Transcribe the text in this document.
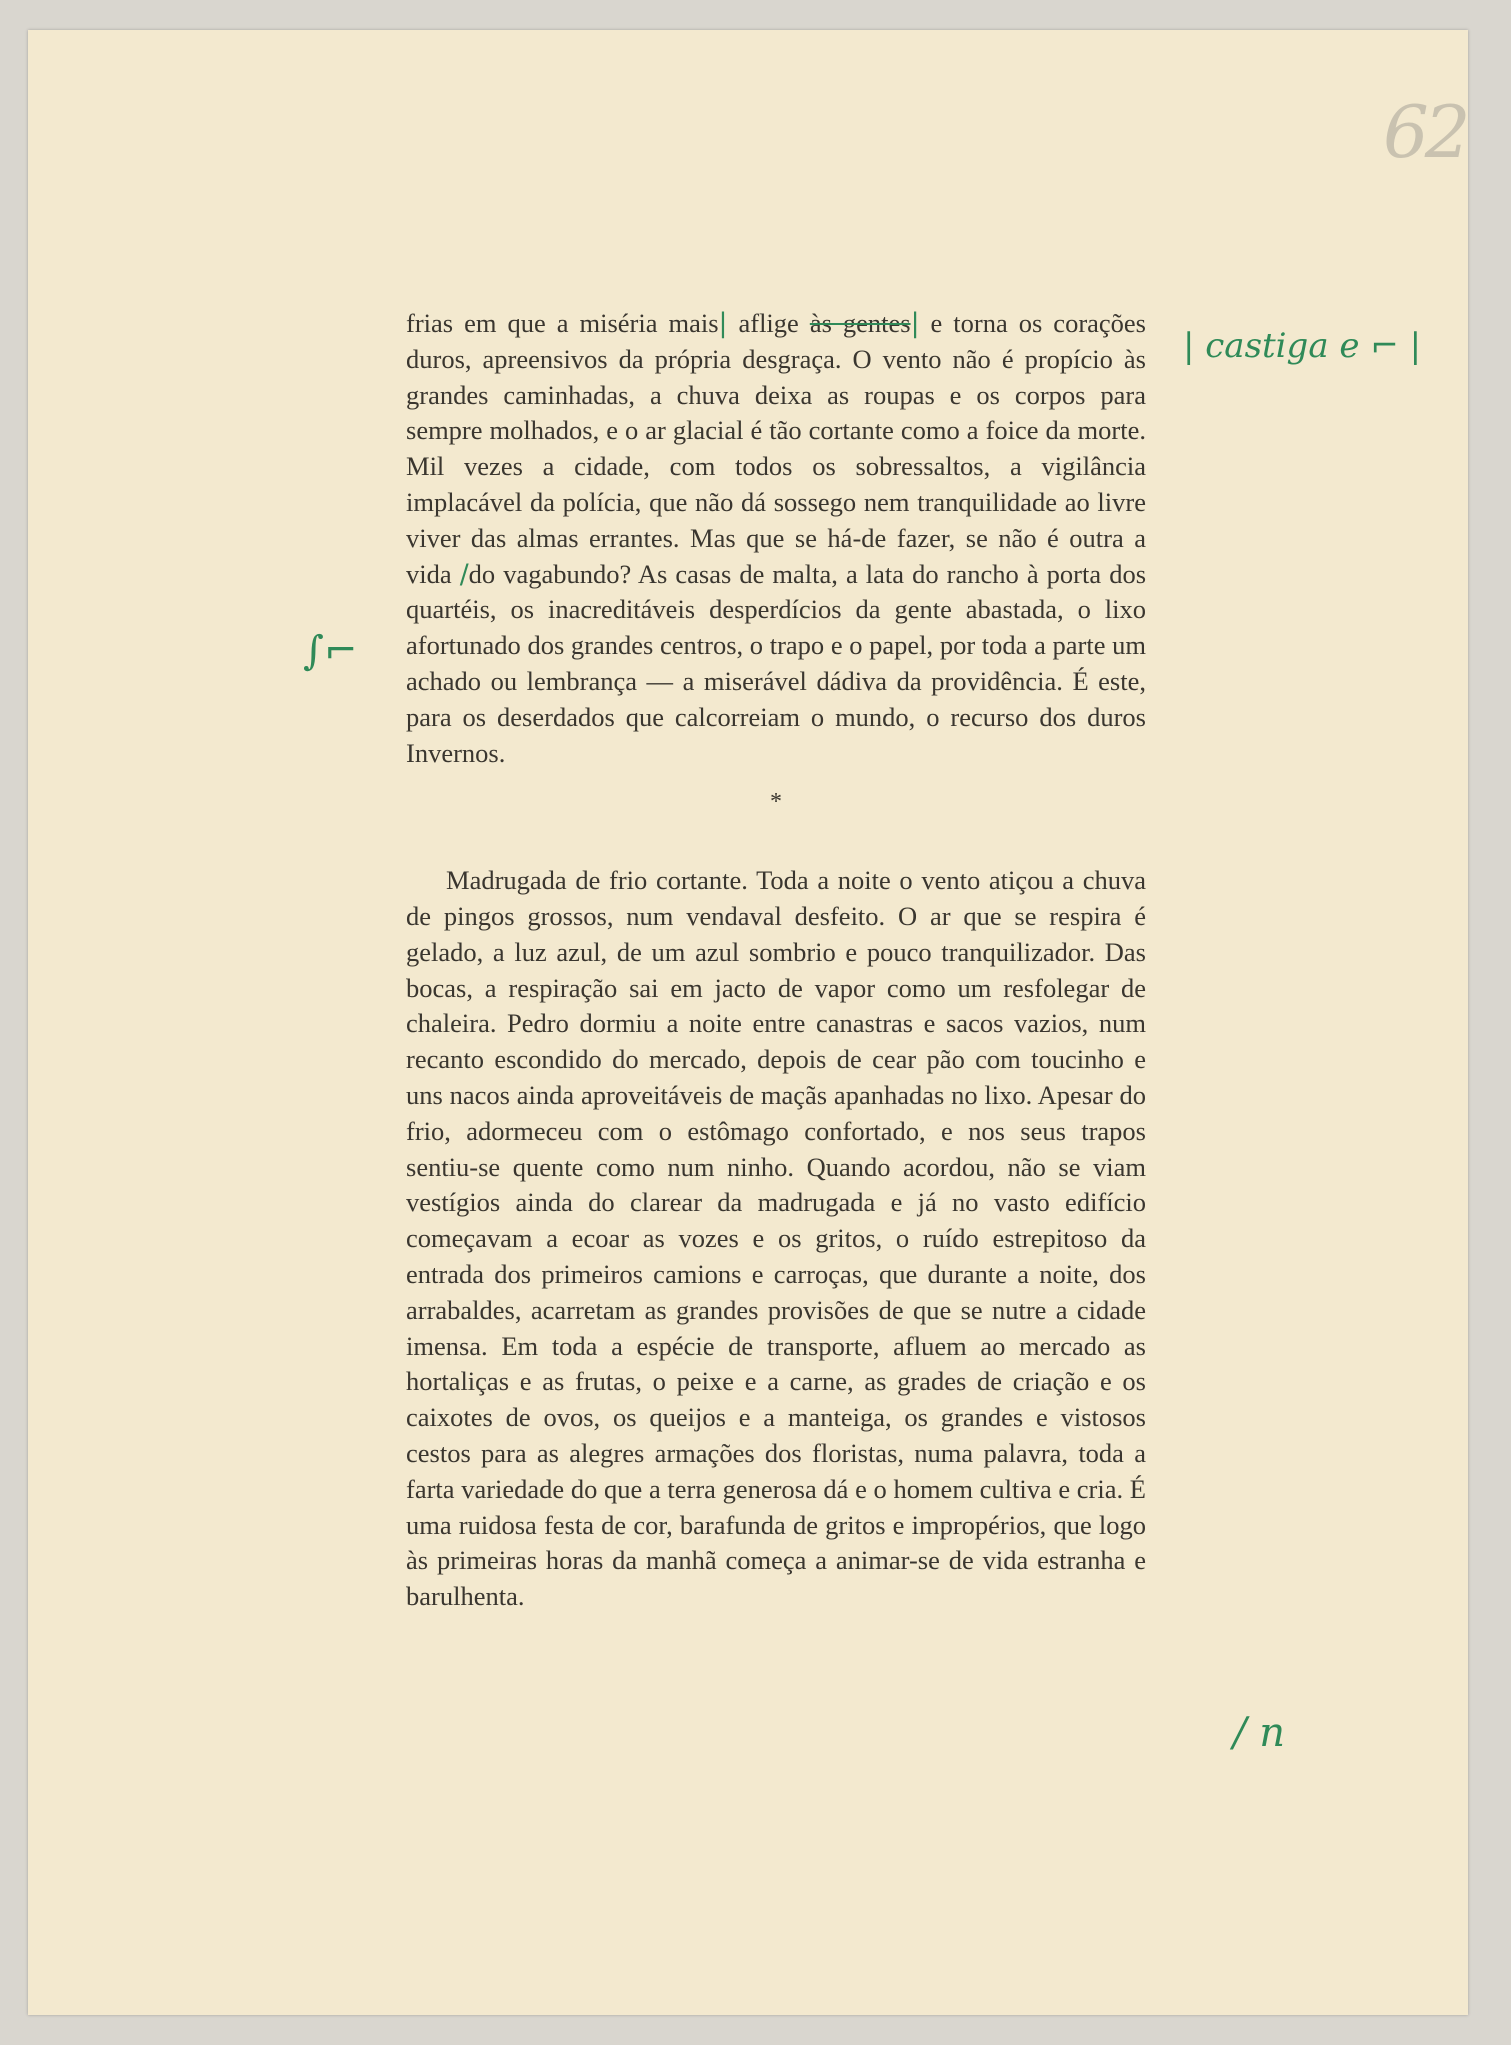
62
| castiga e ⌐ |
∫⌐
/ n

frias em que a miséria mais| aflige às gentes| e torna os corações duros, apreensivos da própria desgraça. O vento não é propício às grandes caminhadas, a chuva deixa as roupas e os corpos para sempre molhados, e o ar glacial é tão cortante como a foice da morte. Mil vezes a cidade, com todos os sobressaltos, a vigilância implacável da polícia, que não dá sossego nem tranquilidade ao livre viver das almas errantes. Mas que se há-de fazer, se não é outra a vida /do vagabundo? As casas de malta, a lata do rancho à porta dos quartéis, os inacreditáveis desperdícios da gente abastada, o lixo afortunado dos grandes centros, o trapo e o papel, por toda a parte um achado ou lembrança — a miserável dádiva da providência. É este, para os deserdados que calcorreiam o mundo, o recurso dos duros Invernos.

*

Madrugada de frio cortante. Toda a noite o vento atiçou a chuva de pingos grossos, num vendaval desfeito. O ar que se respira é gelado, a luz azul, de um azul sombrio e pouco tranquilizador. Das bocas, a respiração sai em jacto de vapor como um resfolegar de chaleira. Pedro dormiu a noite entre canastras e sacos vazios, num recanto escondido do mercado, depois de cear pão com toucinho e uns nacos ainda aproveitáveis de maçãs apanhadas no lixo. Apesar do frio, adormeceu com o estômago confortado, e nos seus trapos sentiu-se quente como num ninho. Quando acordou, não se viam vestígios ainda do clarear da madrugada e já no vasto edifício começavam a ecoar as vozes e os gritos, o ruído estrepitoso da entrada dos primeiros camions e carroças, que durante a noite, dos arrabaldes, acarretam as grandes provisões de que se nutre a cidade imensa. Em toda a espécie de transporte, afluem ao mercado as hortaliças e as frutas, o peixe e a carne, as grades de criação e os caixotes de ovos, os queijos e a manteiga, os grandes e vistosos cestos para as alegres armações dos floristas, numa palavra, toda a farta variedade do que a terra generosa dá e o homem cultiva e cria. É uma ruidosa festa de cor, barafunda de gritos e impropérios, que logo às primeiras horas da manhã começa a animar-se de vida estranha e barulhenta.
